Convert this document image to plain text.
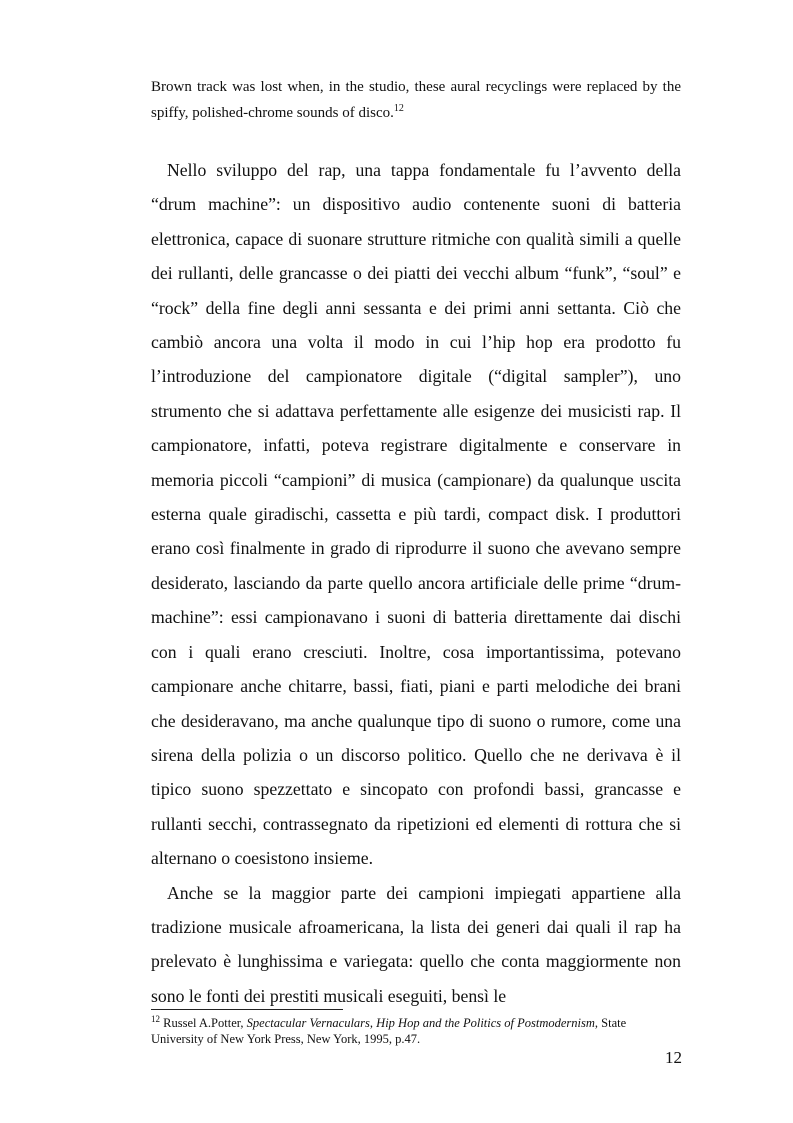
Brown track was lost when, in the studio, these aural recyclings were replaced by the spiffy, polished-chrome sounds of disco.$^{12}$

Nello sviluppo del rap, una tappa fondamentale fu l’avvento della “drum machine”: un dispositivo audio contenente suoni di batteria elettronica, capace di suonare strutture ritmiche con qualità simili a quelle dei rullanti, delle grancasse o dei piatti dei vecchi album “funk”, “soul” e “rock” della fine degli anni sessanta e dei primi anni settanta. Ciò che cambiò ancora una volta il modo in cui l’hip hop era prodotto fu l’introduzione del campionatore digitale (“digital sampler”), uno strumento che si adattava perfettamente alle esigenze dei musicisti rap. Il campionatore, infatti, poteva registrare digitalmente e conservare in memoria piccoli “campioni” di musica (campionare) da qualunque uscita esterna quale giradischi, cassetta e più tardi, compact disk. I produttori erano così finalmente in grado di riprodurre il suono che avevano sempre desiderato, lasciando da parte quello ancora artificiale delle prime “drum-machine”: essi campionavano i suoni di batteria direttamente dai dischi con i quali erano cresciuti. Inoltre, cosa importantissima, potevano campionare anche chitarre, bassi, fiati, piani e parti melodiche dei brani che desideravano, ma anche qualunque tipo di suono o rumore, come una sirena della polizia o un discorso politico. Quello che ne derivava è il tipico suono spezzettato e sincopato con profondi bassi, grancasse e rullanti secchi, contrassegnato da ripetizioni ed elementi di rottura che si alternano o coesistono insieme.

Anche se la maggior parte dei campioni impiegati appartiene alla tradizione musicale afroamericana, la lista dei generi dai quali il rap ha prelevato è lunghissima e variegata: quello che conta maggiormente non sono le fonti dei prestiti musicali eseguiti, bensì le

$^{12}$ Russel A.Potter, Spectacular Vernaculars, Hip Hop and the Politics of Postmodernism, State University of New York Press, New York, 1995, p.47.

12
